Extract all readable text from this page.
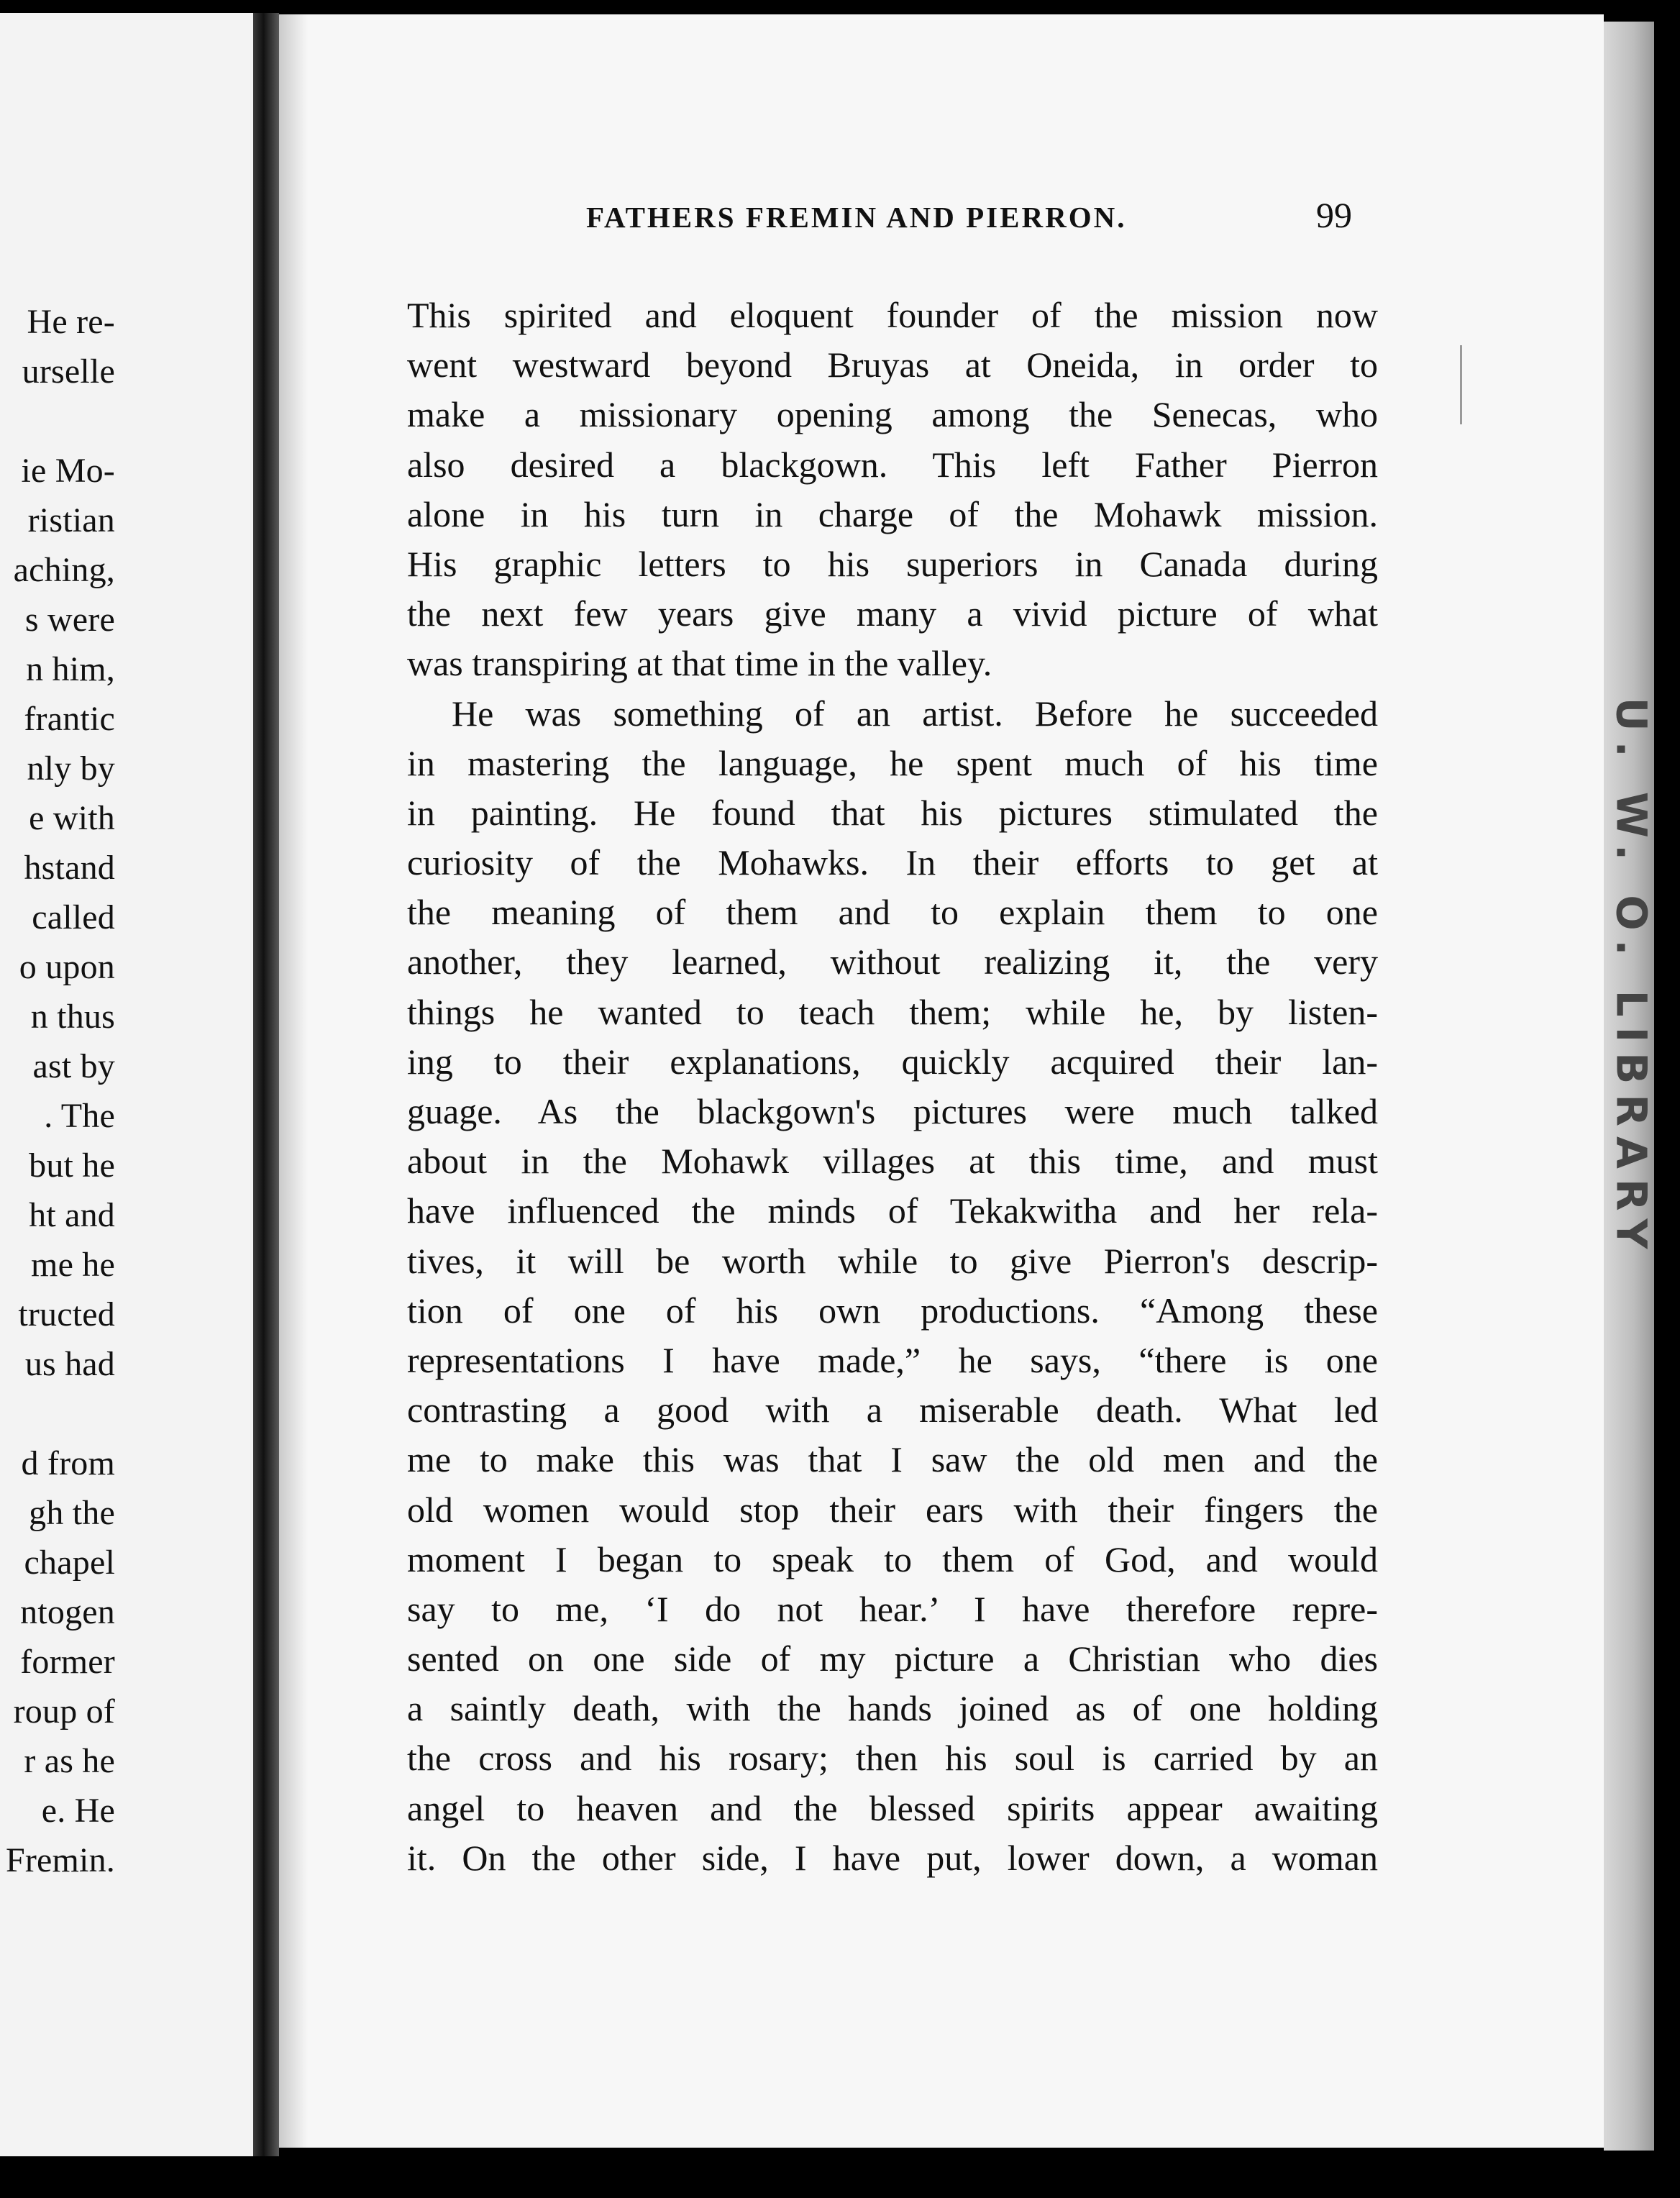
He re-
urselle
ie Mo-
ristian
aching,
s were
n him,
frantic
nly by
e with
hstand
called
o upon
n thus
ast by
. The
but he
ht and
me he
tructed
us had
d from
gh the
chapel
ntogen
former
roup of
r as he
e. He
Fremin.
U. W. O. LIBRARY
FATHERS FREMIN AND PIERRON.	99
This spirited and eloquent founder of the mission now
went westward beyond Bruyas at Oneida, in order to
make a missionary opening among the Senecas, who
also desired a blackgown. This left Father Pierron
alone in his turn in charge of the Mohawk mission.
His graphic letters to his superiors in Canada during
the next few years give many a vivid picture of what
was transpiring at that time in the valley.
He was something of an artist. Before he succeeded
in mastering the language, he spent much of his time
in painting. He found that his pictures stimulated the
curiosity of the Mohawks. In their efforts to get at
the meaning of them and to explain them to one
another, they learned, without realizing it, the very
things he wanted to teach them; while he, by listen-
ing to their explanations, quickly acquired their lan-
guage. As the blackgown's pictures were much talked
about in the Mohawk villages at this time, and must
have influenced the minds of Tekakwitha and her rela-
tives, it will be worth while to give Pierron's descrip-
tion of one of his own productions. “Among these
representations I have made,” he says, “there is one
contrasting a good with a miserable death. What led
me to make this was that I saw the old men and the
old women would stop their ears with their fingers the
moment I began to speak to them of God, and would
say to me, ‘I do not hear.’ I have therefore repre-
sented on one side of my picture a Christian who dies
a saintly death, with the hands joined as of one holding
the cross and his rosary; then his soul is carried by an
angel to heaven and the blessed spirits appear awaiting
it. On the other side, I have put, lower down, a woman
